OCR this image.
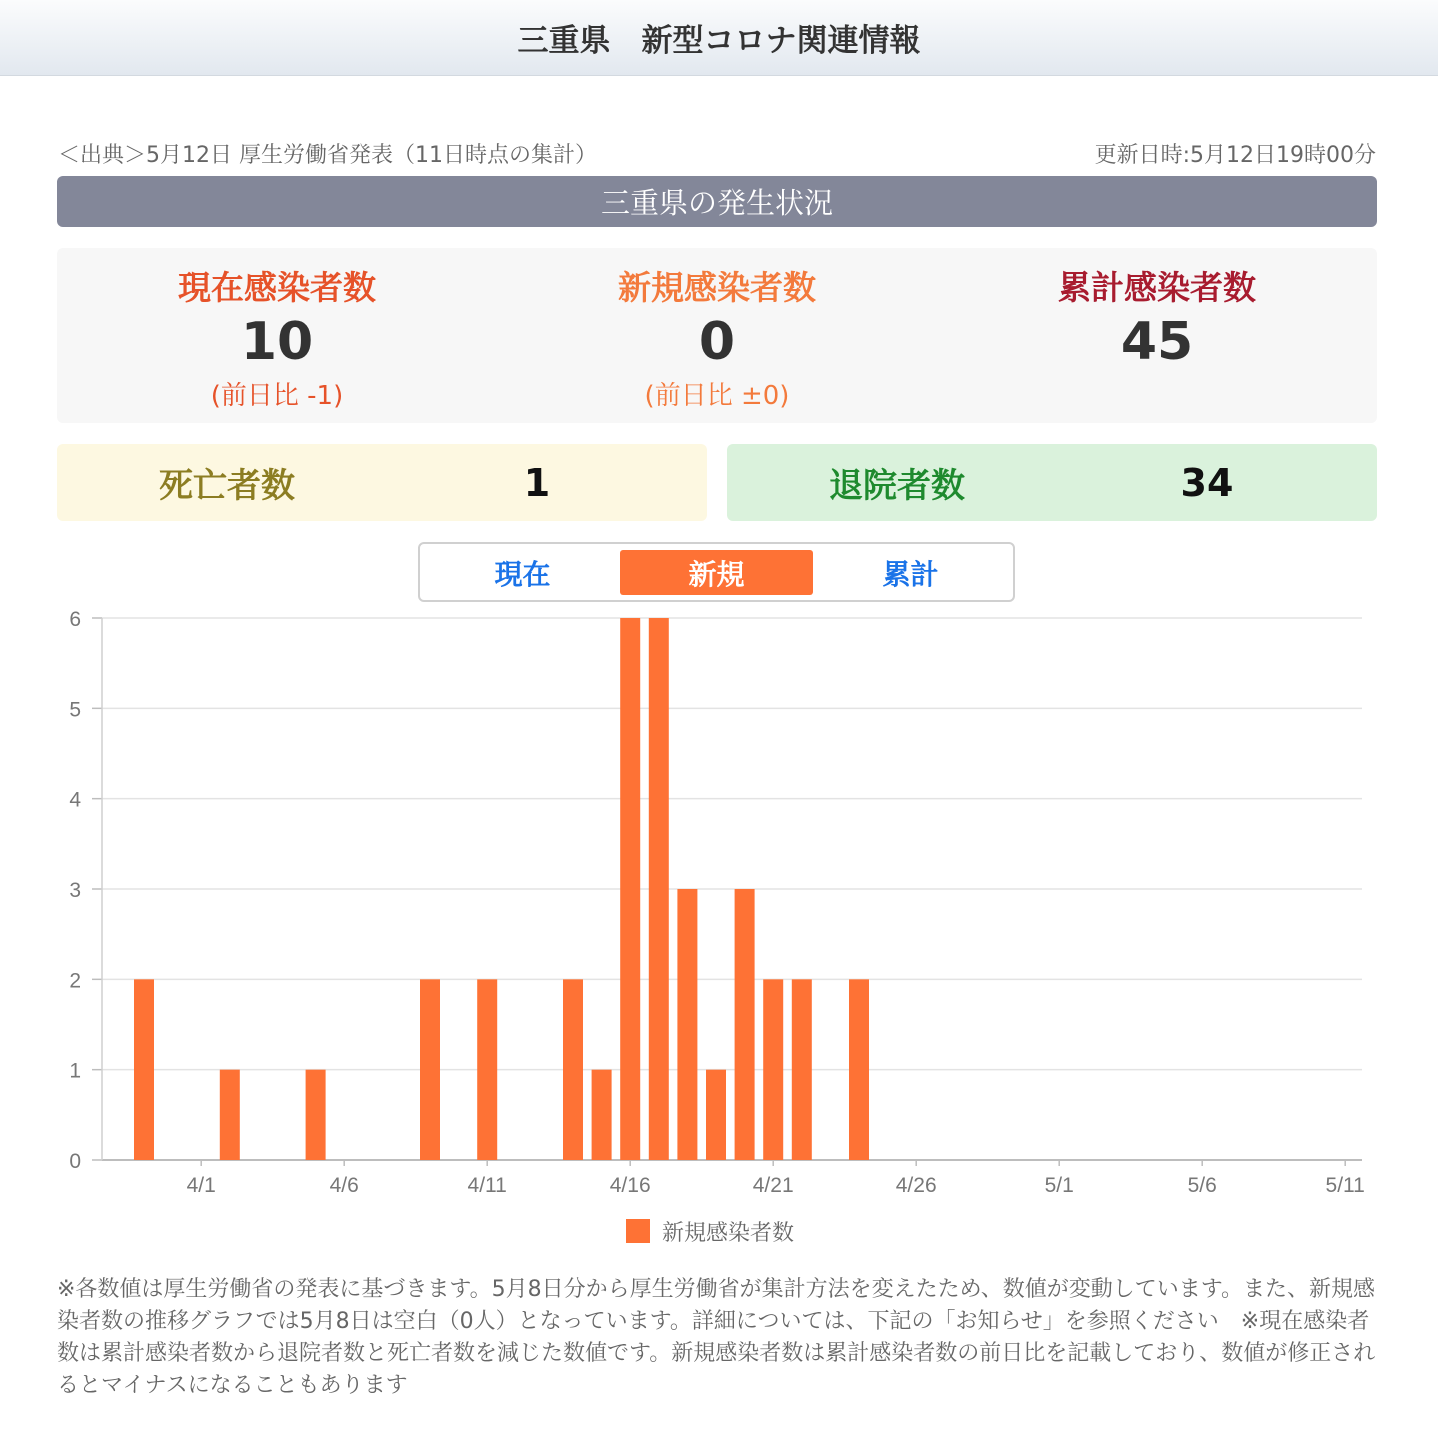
三重県　新型コロナ関連情報
＜出典＞5月12日 厚生労働省発表（11日時点の集計）	更新日時:5月12日19時00分
三重県の発生状況
現在感染者数
10
(前日比 -1)
新規感染者数
0
(前日比 ±0)
累計感染者数
45
死亡者数	1	退院者数	34
現在	新規	累計
0
1
2
3
4
5
6
4/1	4/6	4/11	4/16	4/21	4/26	5/1	5/6	5/11
新規感染者数
※各数値は厚生労働省の発表に基づきます。5月8日分から厚生労働省が集計方法を変えたため、数値が変動しています。また、新規感染者数の推移グラフでは5月8日は空白（0人）となっています。詳細については、下記の「お知らせ」を参照ください　※現在感染者数は累計感染者数から退院者数と死亡者数を減じた数値です。新規感染者数は累計感染者数の前日比を記載しており、数値が修正されるとマイナスになることもあります
